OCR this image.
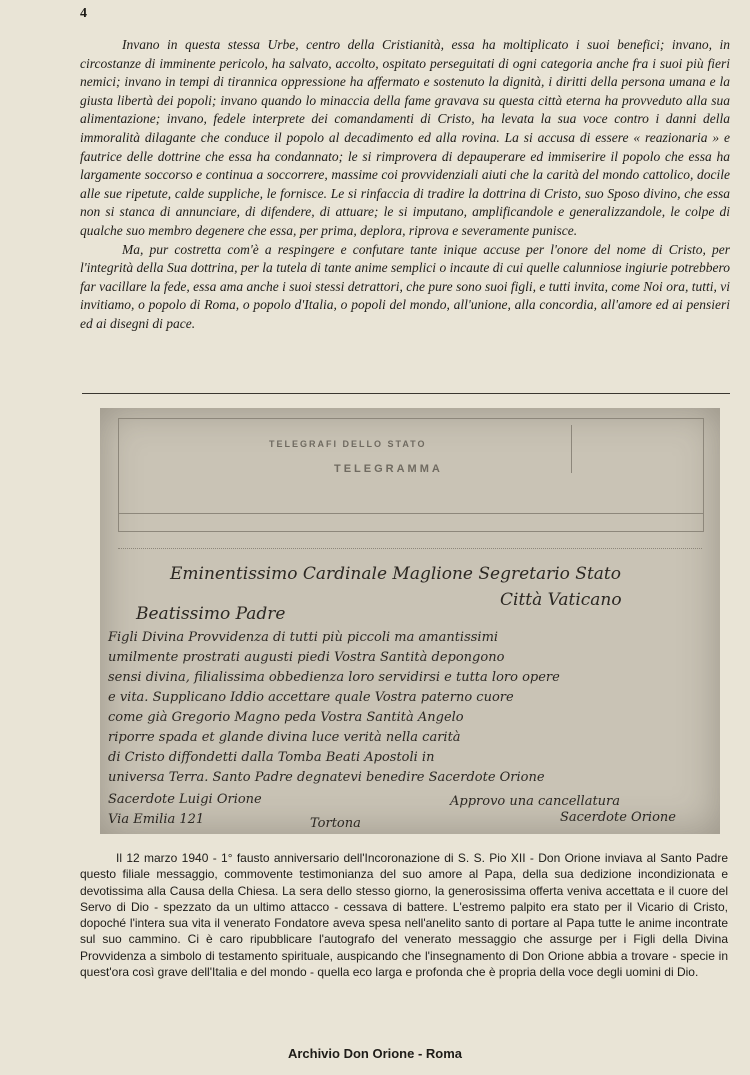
4

Invano in questa stessa Urbe, centro della Cristianità, essa ha moltiplicato i suoi benefici; invano, in circostanze di imminente pericolo, ha salvato, accolto, ospitato perseguitati di ogni categoria anche fra i suoi più fieri nemici; invano in tempi di tirannica oppressione ha affermato e sostenuto la dignità, i diritti della persona umana e la giusta libertà dei popoli; invano quando lo minaccia della fame gravava su questa città eterna ha provveduto alla sua alimentazione; invano, fedele interprete dei comandamenti di Cristo, ha levata la sua voce contro i danni della immoralità dilagante che conduce il popolo al decadimento ed alla rovina. La si accusa di essere « reazionaria » e fautrice delle dottrine che essa ha condannato; le si rimprovera di depauperare ed immiserire il popolo che essa ha largamente soccorso e continua a soccorrere, massime coi provvidenziali aiuti che la carità del mondo cattolico, docile alle sue ripetute, calde suppliche, le fornisce. Le si rinfaccia di tradire la dottrina di Cristo, suo Sposo divino, che essa non si stanca di annunciare, di difendere, di attuare; le si imputano, amplificandole e generalizzandole, le colpe di qualche suo membro degenere che essa, per prima, deplora, riprova e severamente punisce.

Ma, pur costretta com'è a respingere e confutare tante inique accuse per l'onore del nome di Cristo, per l'integrità della Sua dottrina, per la tutela di tante anime semplici o incaute di cui quelle calunniose ingiurie potrebbero far vacillare la fede, essa ama anche i suoi stessi detrattori, che pure sono suoi figli, e tutti invita, come Noi ora, tutti, vi invitiamo, o popolo di Roma, o popolo d'Italia, o popoli del mondo, all'unione, alla concordia, all'amore ed ai pensieri ed ai disegni di pace.

TELEGRAFI DELLO STATO
TELEGRAMMA
Eminentissimo Cardinale Maglione Segretario Stato
Città Vaticano
Beatissimo Padre
Figli Divina Provvidenza di tutti più piccoli ma amantissimi
umilmente prostrati augusti piedi Vostra Santità depongono
sensi divina, filialissima obbedienza loro servidirsi e tutta loro opere
e vita. Supplicano Iddio accettare quale Vostra paterno cuore
come già Gregorio Magno peda Vostra Santità Angelo
riporre spada et glande divina luce verità nella carità
di Cristo diffondetti dalla Tomba Beati Apostoli in
universa Terra. Santo Padre degnatevi benedire Sacerdote Orione
Sacerdote Luigi Orione
Via Emilia 121	Tortona
Approvo una cancellatura
Sacerdote Orione

Il 12 marzo 1940 - 1° fausto anniversario dell'Incoronazione di S. S. Pio XII - Don Orione inviava al Santo Padre questo filiale messaggio, commovente testimonianza del suo amore al Papa, della sua dedizione incondizionata e devotissima alla Causa della Chiesa. La sera dello stesso giorno, la generosissima offerta veniva accettata e il cuore del Servo di Dio - spezzato da un ultimo attacco - cessava di battere. L'estremo palpito era stato per il Vicario di Cristo, dopoché l'intera sua vita il venerato Fondatore aveva spesa nell'anelito santo di portare al Papa tutte le anime incontrate sul suo cammino. Ci è caro ripubblicare l'autografo del venerato messaggio che assurge per i Figli della Divina Provvidenza a simbolo di testamento spirituale, auspicando che l'insegnamento di Don Orione abbia a trovare - specie in quest'ora così grave dell'Italia e del mondo - quella eco larga e profonda che è propria della voce degli uomini di Dio.

Archivio Don Orione - Roma
